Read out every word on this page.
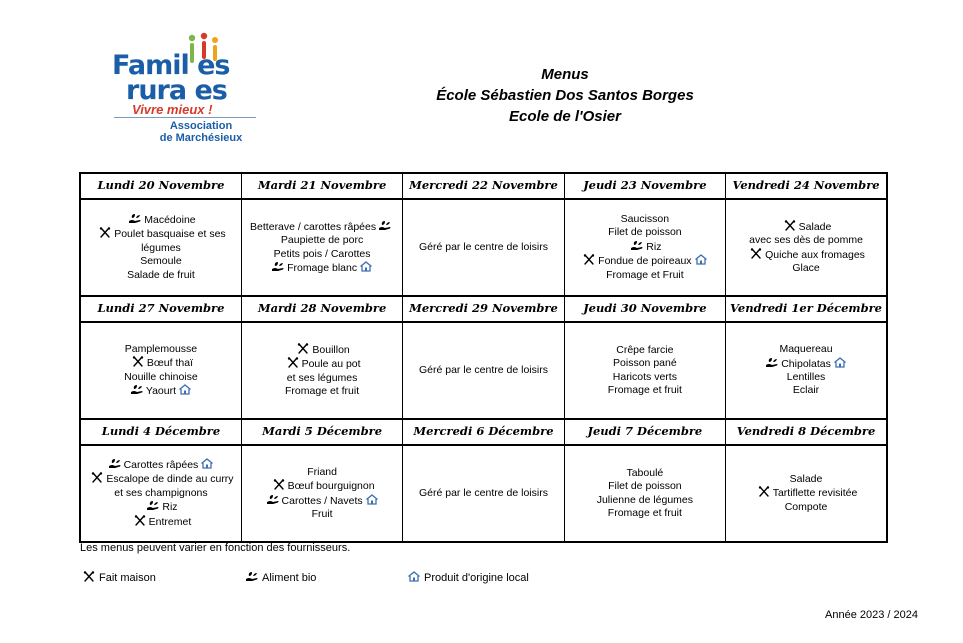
Famil es
rura es
Vivre mieux !
Association
de Marchésieux
Menus
École Sébastien Dos Santos Borges
Ecole de l'Osier
Lundi 20 Novembre	Mardi 21 Novembre	Mercredi 22 Novembre	Jeudi 23 Novembre	Vendredi 24 Novembre

Macédoine
Poulet basquaise et ses
légumes
Semoule
Salade de fruit	Betterave / carottes râpées
Paupiette de porc
Petits pois / Carottes
Fromage blanc	Géré par le centre de loisirs	Saucisson
Filet de poisson
Riz
Fondue de poireaux
Fromage et Fruit	Salade
avec ses dès de pomme
Quiche aux fromages
Glace

Lundi 27 Novembre	Mardi 28 Novembre	Mercredi 29 Novembre	Jeudi 30 Novembre	Vendredi 1er Décembre

Pamplemousse
Bœuf thaï
Nouille chinoise
Yaourt	Bouillon
Poule au pot
et ses légumes
Fromage et fruit	Géré par le centre de loisirs	Crêpe farcie
Poisson pané
Haricots verts
Fromage et fruit	Maquereau
Chipolatas
Lentilles
Eclair

Lundi 4 Décembre	Mardi 5 Décembre	Mercredi 6 Décembre	Jeudi 7 Décembre	Vendredi 8 Décembre

Carottes râpées
Escalope de dinde au curry
et ses champignons
Riz
Entremet	Friand
Bœuf bourguignon
Carottes / Navets
Fruit	Géré par le centre de loisirs	Taboulé
Filet de poisson
Julienne de légumes
Fromage et fruit	Salade
Tartiflette revisitée
Compote
Les menus peuvent varier en fonction des fournisseurs.
Fait maison	Aliment bio	Produit d'origine local
Année 2023 / 2024
